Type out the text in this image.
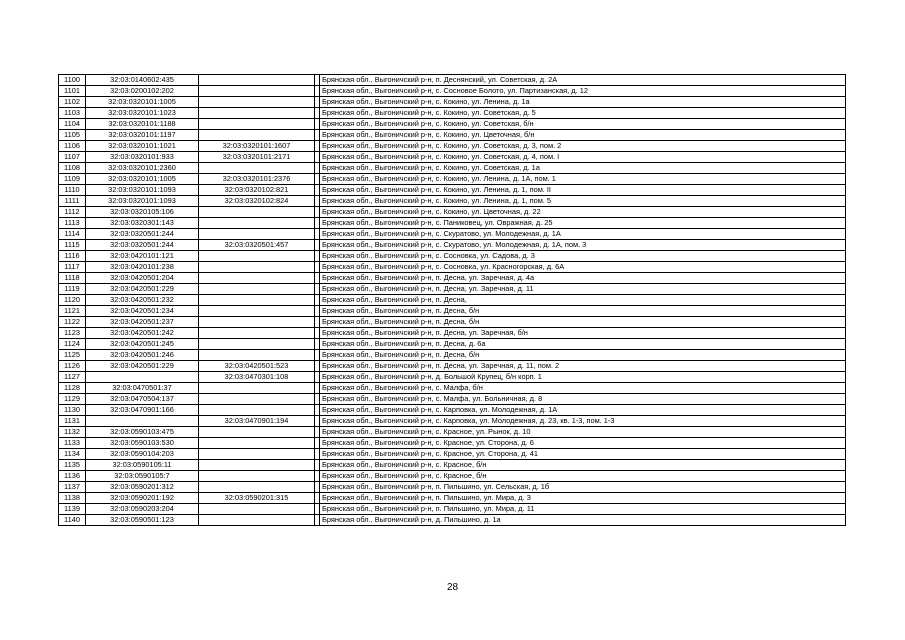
1100	32:03:0140602:435			Брянская обл., Выгоничский р-н, п. Деснянский, ул. Советская, д. 2А
1101	32:03:0200102:202			Брянская обл., Выгоничский р-н, с. Сосновое Болото, ул. Партизанская, д. 12
1102	32:03:0320101:1005			Брянская обл., Выгоничский р-н, с. Кокино, ул. Ленина, д. 1а
1103	32:03:0320101:1023			Брянская обл., Выгоничский р-н, с. Кокино, ул. Советская, д. 5
1104	32:03:0320101:1188			Брянская обл., Выгоничский р-н, с. Кокино, ул. Советская, б/н
1105	32:03:0320101:1197			Брянская обл., Выгоничский р-н, с. Кокино, ул. Цветочная, б/н
1106	32:03:0320101:1021	32:03:0320101:1607		Брянская обл., Выгоничский р-н, с. Кокино, ул. Советская, д. 3, пом. 2
1107	32:03:0320101:933	32:03:0320101:2171		Брянская обл., Выгоничский р-н, с. Кокино, ул. Советская, д. 4, пом. I
1108	32:03:0320101:2360			Брянская обл., Выгоничский р-н, с. Кокино, ул. Советская, д. 1а
1109	32:03:0320101:1005	32:03:0320101:2376		Брянская обл., Выгоничский р-н, с. Кокино, ул. Ленина, д. 1А, пом. 1
1110	32:03:0320101:1093	32:03:0320102:821		Брянская обл., Выгоничский р-н, с. Кокино, ул. Ленина, д. 1, пом. II
1111	32:03:0320101:1093	32:03:0320102:824		Брянская обл., Выгоничский р-н, с. Кокино, ул. Ленина, д. 1, пом. 5
1112	32:03:0320105:106			Брянская обл., Выгоничский р-н, с. Кокино, ул. Цветочная, д. 22
1113	32:03:0320301:143			Брянская обл., Выгоничский р-н, с. Паниковец, ул. Овражная, д. 25
1114	32:03:0320501:244			Брянская обл., Выгоничский р-н, с. Скуратово, ул. Молодежная, д. 1А
1115	32:03:0320501:244	32:03:0320501:457		Брянская обл., Выгоничский р-н, с. Скуратово, ул. Молодежная, д. 1А, пом. 3
1116	32:03:0420101:121			Брянская обл., Выгоничский р-н, с. Сосновка, ул. Садова, д. 3
1117	32:03:0420101:238			Брянская обл., Выгоничский р-н, с. Сосновка, ул. Красногорская, д. 6А
1118	32:03:0420501:204			Брянская обл., Выгоничский р-н, п. Десна, ул. Заречная, д. 4а
1119	32:03:0420501:229			Брянская обл., Выгоничский р-н, п. Десна, ул. Заречная, д. 11
1120	32:03:0420501:232			Брянская обл., Выгоничский р-н, п. Десна,
1121	32:03:0420501:234			Брянская обл., Выгоничский р-н, п. Десна, б/н
1122	32:03:0420501:237			Брянская обл., Выгоничский р-н, п. Десна, б/н
1123	32:03:0420501:242			Брянская обл., Выгоничский р-н, п. Десна, ул. Заречная, б/н
1124	32:03:0420501:245			Брянская обл., Выгоничский р-н, п. Десна, д. 6а
1125	32:03:0420501:246			Брянская обл., Выгоничский р-н, п. Десна, б/н
1126	32:03:0420501:229	32:03:0420501:523		Брянская обл., Выгоничский р-н, п. Десна, ул. Заречная, д. 11, пом. 2
1127		32:03:0470301:108		Брянская обл., Выгоничский р-н, д. Большой Крупец, б/н корп. 1
1128	32:03:0470501:37			Брянская обл., Выгоничский р-н, с. Малфа, б/н
1129	32:03:0470504:137			Брянская обл., Выгоничский р-н, с. Малфа, ул. Больничная, д. 8
1130	32:03:0470901:166			Брянская обл., Выгоничский р-н, с. Карповка, ул. Молодежная, д. 1А
1131		32:03:0470901:194		Брянская обл., Выгоничский р-н, с. Карповка, ул. Молодежная, д. 23, кв. 1-3, пом. 1-3
1132	32:03:0590103:475			Брянская обл., Выгоничский р-н, с. Красное, ул. Рынок, д. 10
1133	32:03:0590103:530			Брянская обл., Выгоничский р-н, с. Красное, ул. Сторона, д. 6
1134	32:03:0590104:203			Брянская обл., Выгоничский р-н, с. Красное, ул. Сторона, д. 41
1135	32:03:0590105:11			Брянская обл., Выгоничский р-н, с. Красное, б/н
1136	32:03:0590105:7			Брянская обл., Выгоничский р-н, с. Красное, б/н
1137	32:03:0590201:312			Брянская обл., Выгоничский р-н, п. Пильшино, ул. Сельская, д. 1б
1138	32:03:0590201:192	32:03:0590201:315		Брянская обл., Выгоничский р-н, п. Пильшино, ул. Мира, д. 3
1139	32:03:0590203:204			Брянская обл., Выгоничский р-н, п. Пильшино, ул. Мира, д. 11
1140	32:03:0590501:123			Брянская обл., Выгоничский р-н, д. Пильшино, д. 1а
28
